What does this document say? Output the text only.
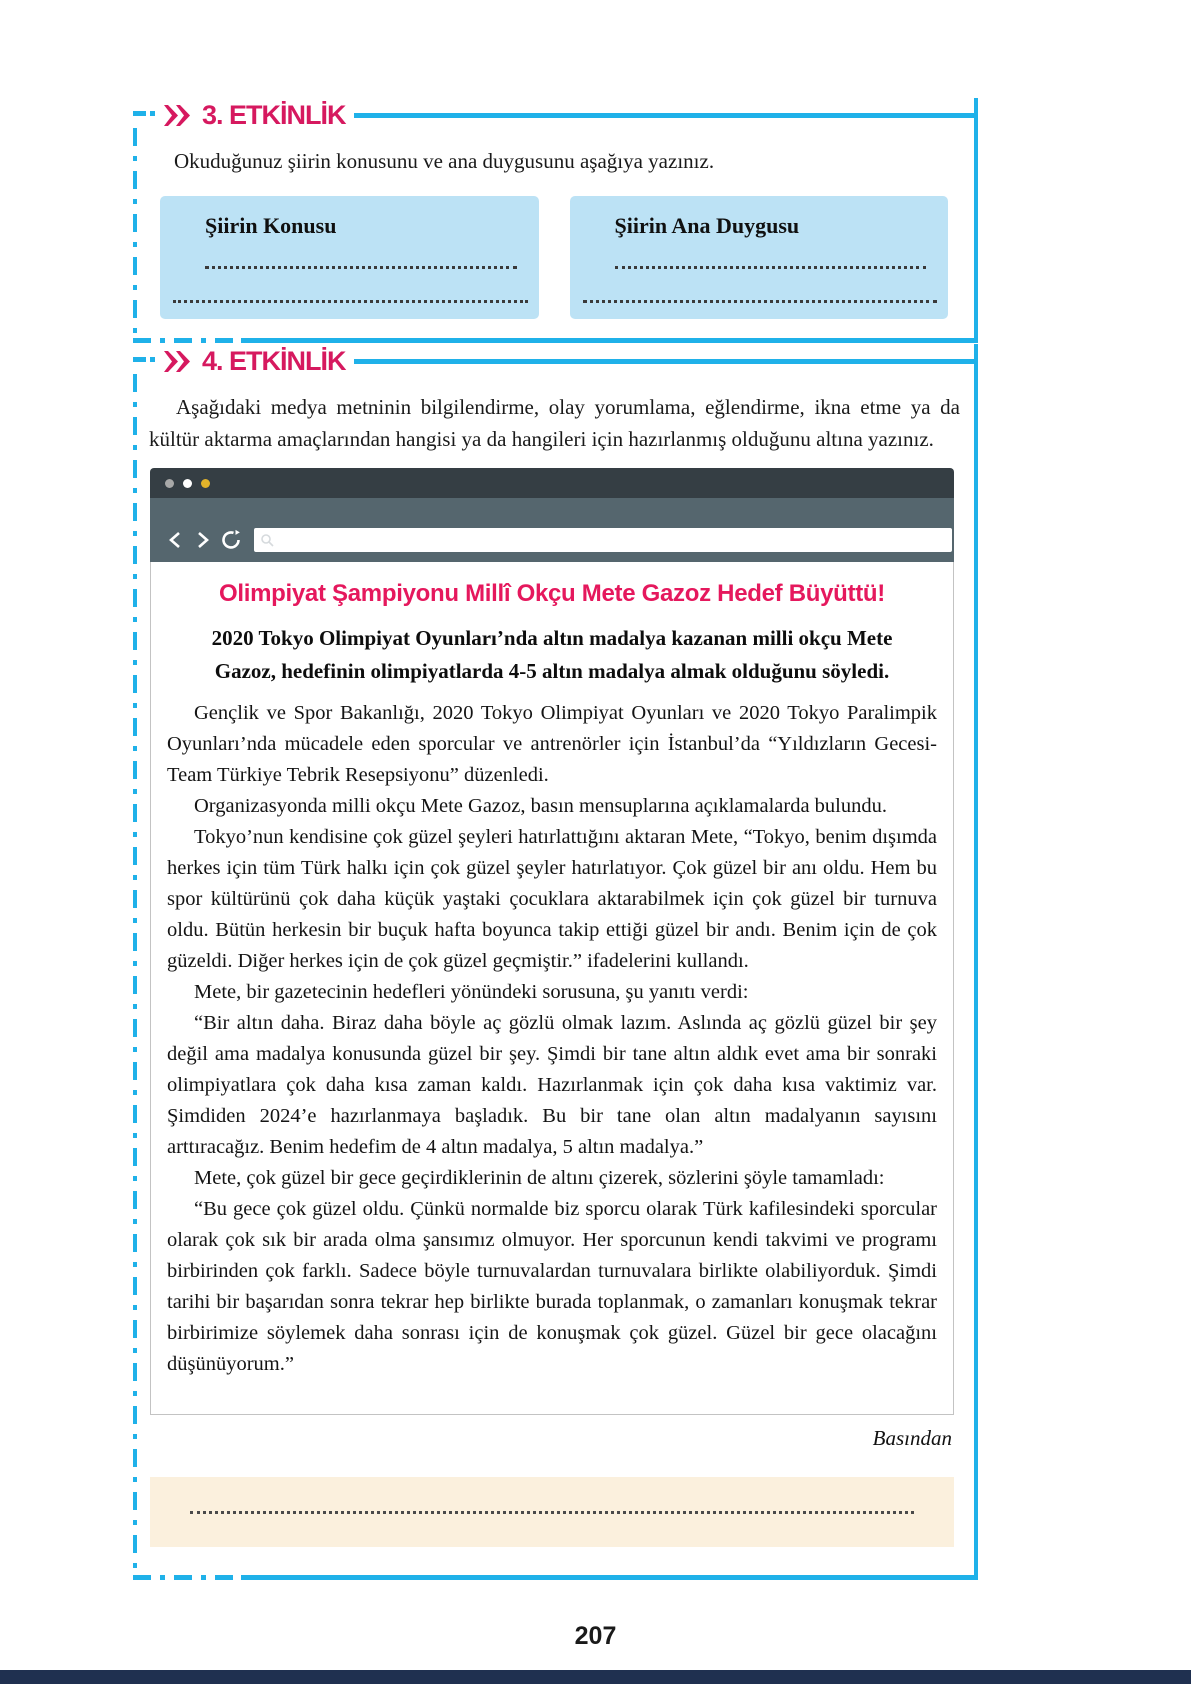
3. ETKİNLİK

Okuduğunuz şiirin konusunu ve ana duygusunu aşağıya yazınız.

Şiirin Konusu	Şiirin Ana Duygusu
4. ETKİNLİK

Aşağıdaki medya metninin bilgilendirme, olay yorumlama, eğlendirme, ikna etme ya da kültür aktarma amaçlarından hangisi ya da hangileri için hazırlanmış olduğunu altına yazınız.

Olimpiyat Şampiyonu Millî Okçu Mete Gazoz Hedef Büyüttü!

2020 Tokyo Olimpiyat Oyunları’nda altın madalya kazanan milli okçu Mete Gazoz, hedefinin olimpiyatlarda 4-5 altın madalya almak olduğunu söyledi.

Gençlik ve Spor Bakanlığı, 2020 Tokyo Olimpiyat Oyunları ve 2020 Tokyo Paralimpik Oyunları’nda mücadele eden sporcular ve antrenörler için İstanbul’da “Yıldızların Gecesi-Team Türkiye Tebrik Resepsiyonu” düzenledi.

Organizasyonda milli okçu Mete Gazoz, basın mensuplarına açıklamalarda bulundu.

Tokyo’nun kendisine çok güzel şeyleri hatırlattığını aktaran Mete, “Tokyo, benim dışımda herkes için tüm Türk halkı için çok güzel şeyler hatırlatıyor. Çok güzel bir anı oldu. Hem bu spor kültürünü çok daha küçük yaştaki çocuklara aktarabilmek için çok güzel bir turnuva oldu. Bütün herkesin bir buçuk hafta boyunca takip ettiği güzel bir andı. Benim için de çok güzeldi. Diğer herkes için de çok güzel geçmiştir.” ifadelerini kullandı.

Mete, bir gazetecinin hedefleri yönündeki sorusuna, şu yanıtı verdi:

“Bir altın daha. Biraz daha böyle aç gözlü olmak lazım. Aslında aç gözlü güzel bir şey değil ama madalya konusunda güzel bir şey. Şimdi bir tane altın aldık evet ama bir sonraki olimpiyatlara çok daha kısa zaman kaldı. Hazırlanmak için çok daha kısa vaktimiz var. Şimdiden 2024’e hazırlanmaya başladık. Bu bir tane olan altın madalyanın sayısını arttıracağız. Benim hedefim de 4 altın madalya, 5 altın madalya.”

Mete, çok güzel bir gece geçirdiklerinin de altını çizerek, sözlerini şöyle tamamladı:

“Bu gece çok güzel oldu. Çünkü normalde biz sporcu olarak Türk kafilesindeki sporcular olarak çok sık bir arada olma şansımız olmuyor. Her sporcunun kendi takvimi ve programı birbirinden çok farklı. Sadece böyle turnuvalardan turnuvalara birlikte olabiliyorduk. Şimdi tarihi bir başarıdan sonra tekrar hep birlikte burada toplanmak, o zamanları konuşmak tekrar birbirimize söylemek daha sonrası için de konuşmak çok güzel. Güzel bir gece olacağını düşünüyorum.”

Basından

207
